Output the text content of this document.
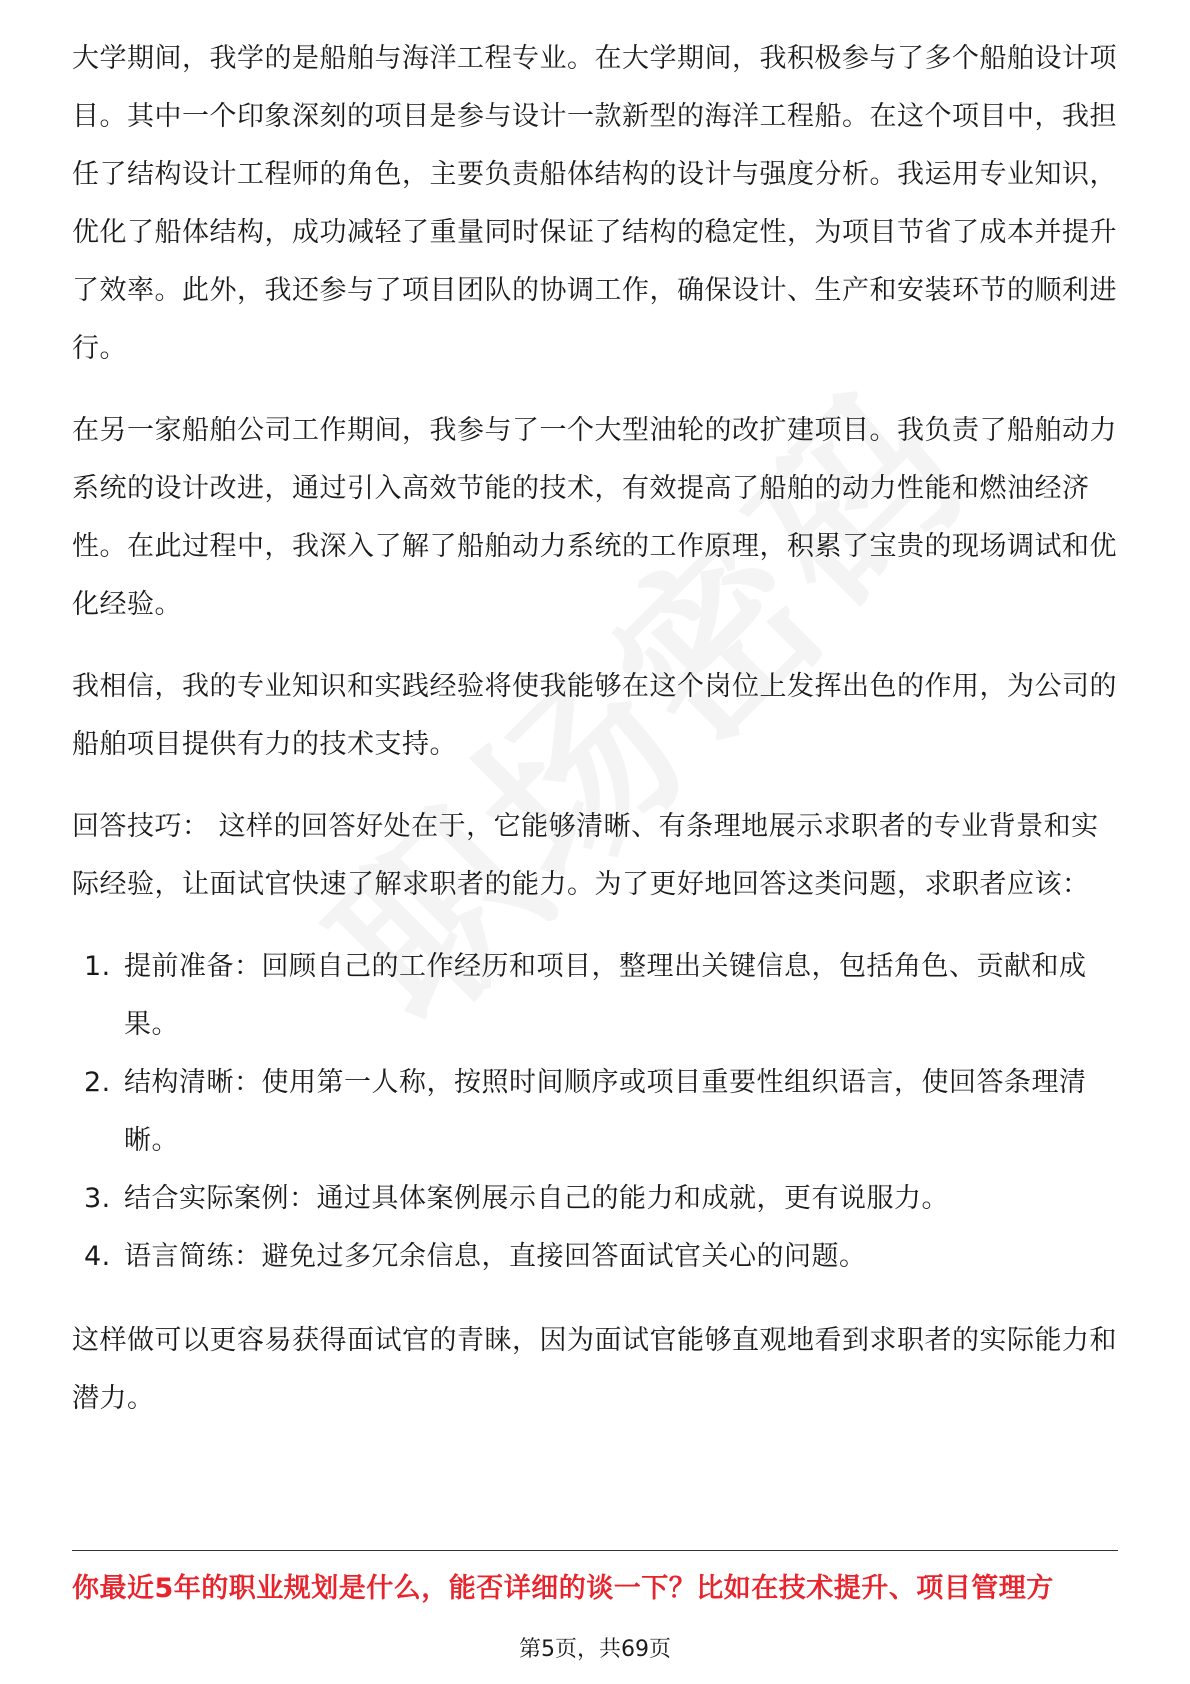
大学期间，我学的是船舶与海洋工程专业。在大学期间，我积极参与了多个船舶设计项目。其中一个印象深刻的项目是参与设计一款新型的海洋工程船。在这个项目中，我担任了结构设计工程师的角色，主要负责船体结构的设计与强度分析。我运用专业知识，优化了船体结构，成功减轻了重量同时保证了结构的稳定性，为项目节省了成本并提升了效率。此外，我还参与了项目团队的协调工作，确保设计、生产和安装环节的顺利进行。

在另一家船舶公司工作期间，我参与了一个大型油轮的改扩建项目。我负责了船舶动力系统的设计改进，通过引入高效节能的技术，有效提高了船舶的动力性能和燃油经济性。在此过程中，我深入了解了船舶动力系统的工作原理，积累了宝贵的现场调试和优化经验。

我相信，我的专业知识和实践经验将使我能够在这个岗位上发挥出色的作用，为公司的船舶项目提供有力的技术支持。

回答技巧： 这样的回答好处在于，它能够清晰、有条理地展示求职者的专业背景和实际经验，让面试官快速了解求职者的能力。为了更好地回答这类问题，求职者应该：

1. 提前准备：回顾自己的工作经历和项目，整理出关键信息，包括角色、贡献和成果。
2. 结构清晰：使用第一人称，按照时间顺序或项目重要性组织语言，使回答条理清晰。
3. 结合实际案例：通过具体案例展示自己的能力和成就，更有说服力。
4. 语言简练：避免过多冗余信息，直接回答面试官关心的问题。

这样做可以更容易获得面试官的青睐，因为面试官能够直观地看到求职者的实际能力和潜力。

你最近5年的职业规划是什么，能否详细的谈一下？比如在技术提升、项目管理方
第5页，共69页
